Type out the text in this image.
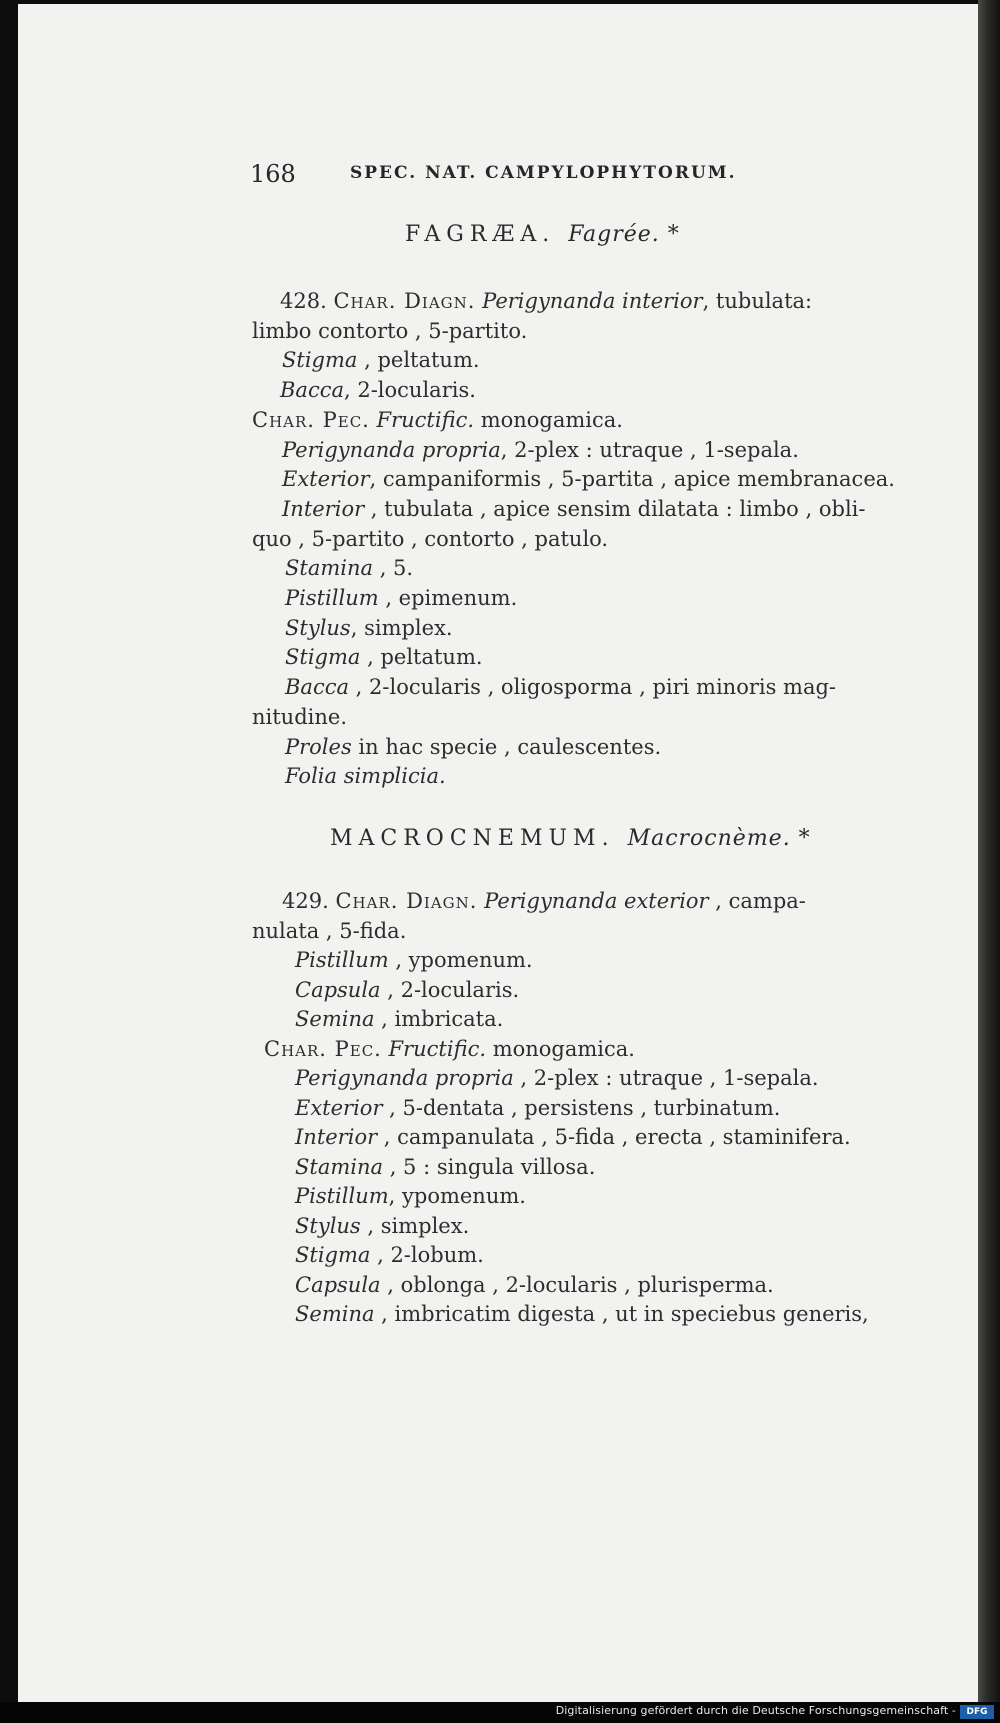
168	SPEC. NAT. CAMPYLOPHYTORUM.
FAGRÆA. Fagrée. *
428. Char. Diagn. Perigynanda interior, tubulata:
limbo contorto , 5-partito.
Stigma , peltatum.
Bacca, 2-locularis.
Char. Pec. Fructific. monogamica.
Perigynanda propria, 2-plex : utraque , 1-sepala.
Exterior, campaniformis , 5-partita , apice membranacea.
Interior , tubulata , apice sensim dilatata : limbo , obli-
quo , 5-partito , contorto , patulo.
Stamina , 5.
Pistillum , epimenum.
Stylus, simplex.
Stigma , peltatum.
Bacca , 2-locularis , oligosporma , piri minoris mag-
nitudine.
Proles in hac specie , caulescentes.
Folia simplicia.
MACROCNEMUM. Macrocnème. *
429. Char. Diagn. Perigynanda exterior , campa-
nulata , 5-fida.
Pistillum , ypomenum.
Capsula , 2-locularis.
Semina , imbricata.
Char. Pec. Fructific. monogamica.
Perigynanda propria , 2-plex : utraque , 1-sepala.
Exterior , 5-dentata , persistens , turbinatum.
Interior , campanulata , 5-fida , erecta , staminifera.
Stamina , 5 : singula villosa.
Pistillum, ypomenum.
Stylus , simplex.
Stigma , 2-lobum.
Capsula , oblonga , 2-locularis , plurisperma.
Semina , imbricatim digesta , ut in speciebus generis,
Digitalisierung gefördert durch die Deutsche Forschungsgemeinschaft -	DFG
